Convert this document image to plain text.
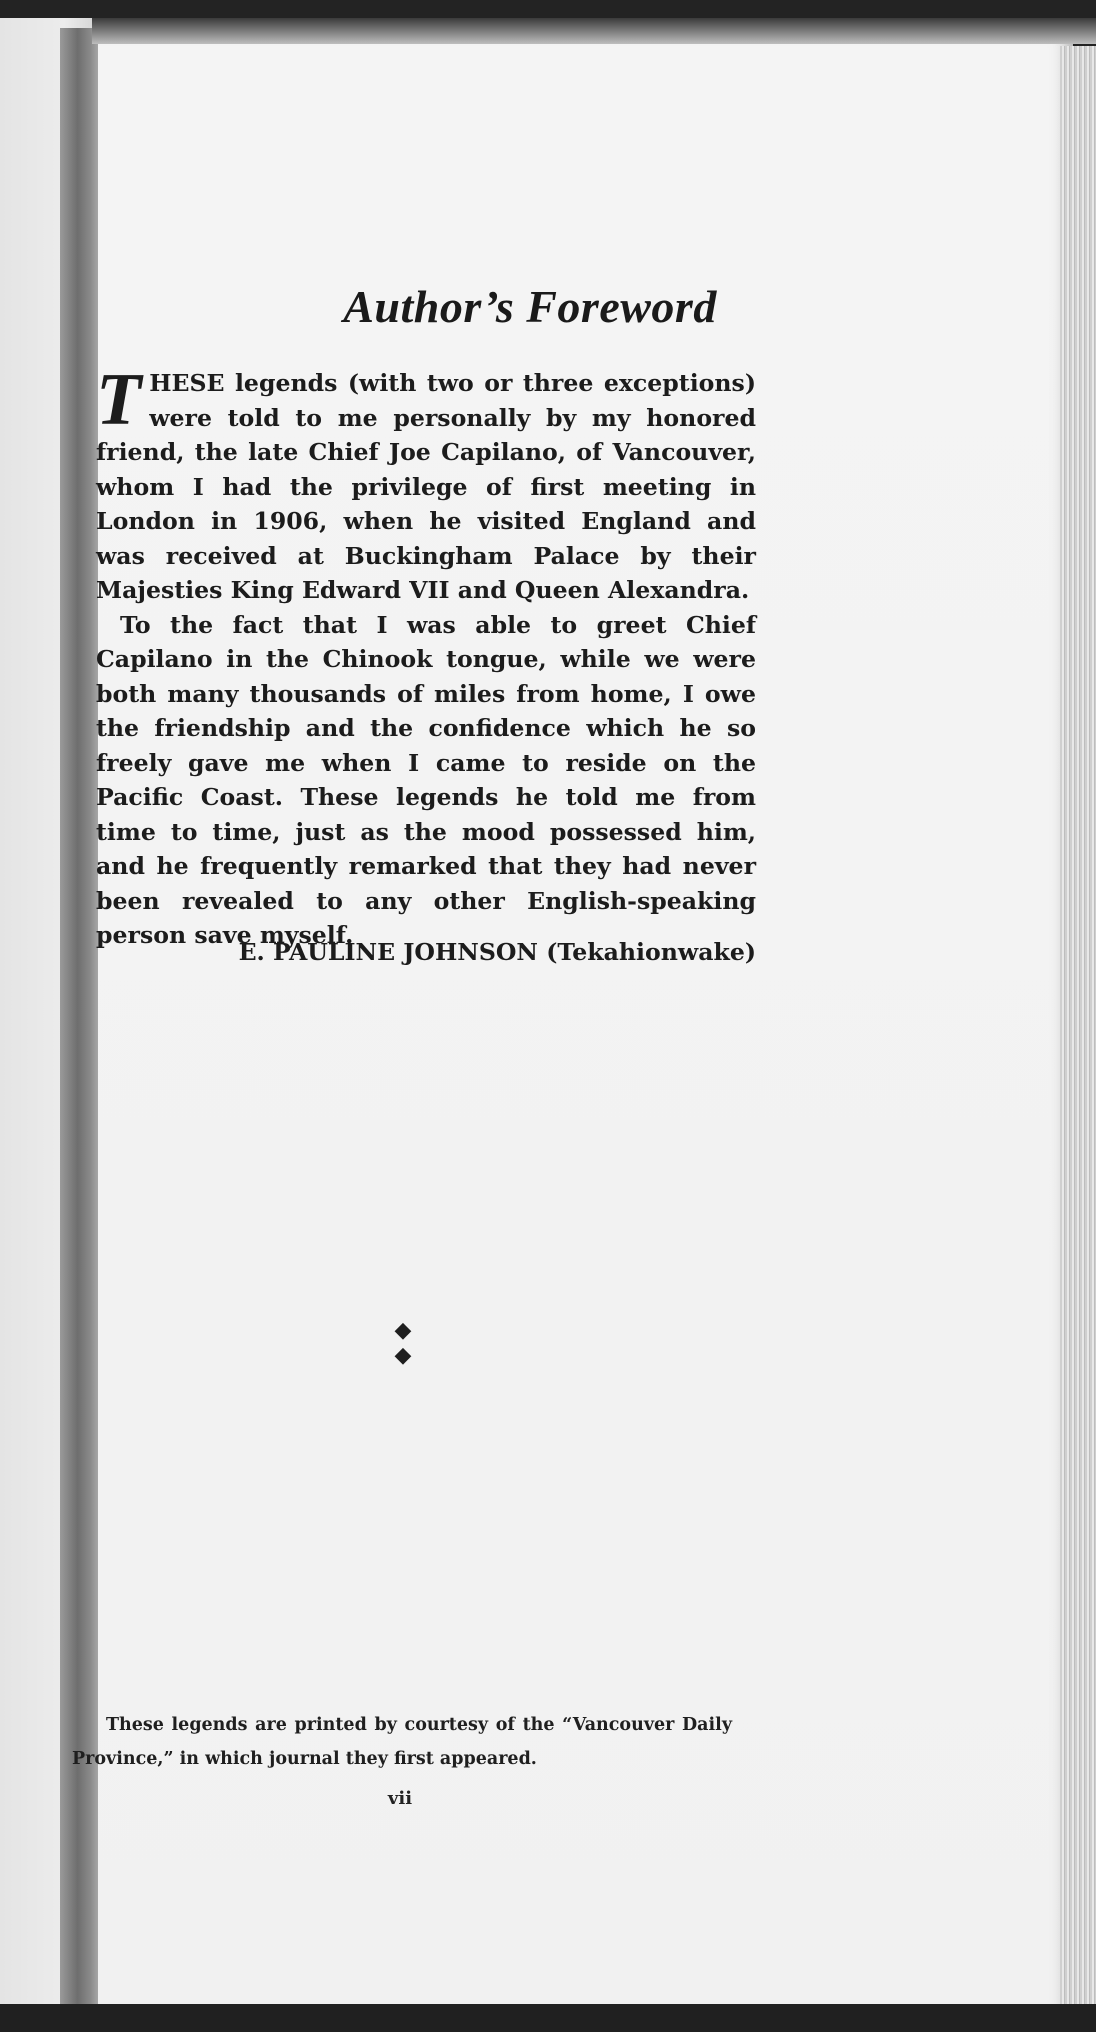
Author’s Foreword

THESE legends (with two or three exceptions) were told to me personally by my honored friend, the late Chief Joe Capilano, of Vancouver, whom I had the privilege of first meeting in London in 1906, when he visited England and was received at Buckingham Palace by their Majesties King Edward VII and Queen Alexandra.

To the fact that I was able to greet Chief Capilano in the Chinook tongue, while we were both many thousands of miles from home, I owe the friendship and the confidence which he so freely gave me when I came to reside on the Pacific Coast. These legends he told me from time to time, just as the mood possessed him, and he frequently remarked that they had never been revealed to any other English-speaking person save myself.

E. PAULINE JOHNSON (Tekahionwake)

◆ ◆

These legends are printed by courtesy of the “Vancouver Daily Province,” in which journal they first appeared.

vii
